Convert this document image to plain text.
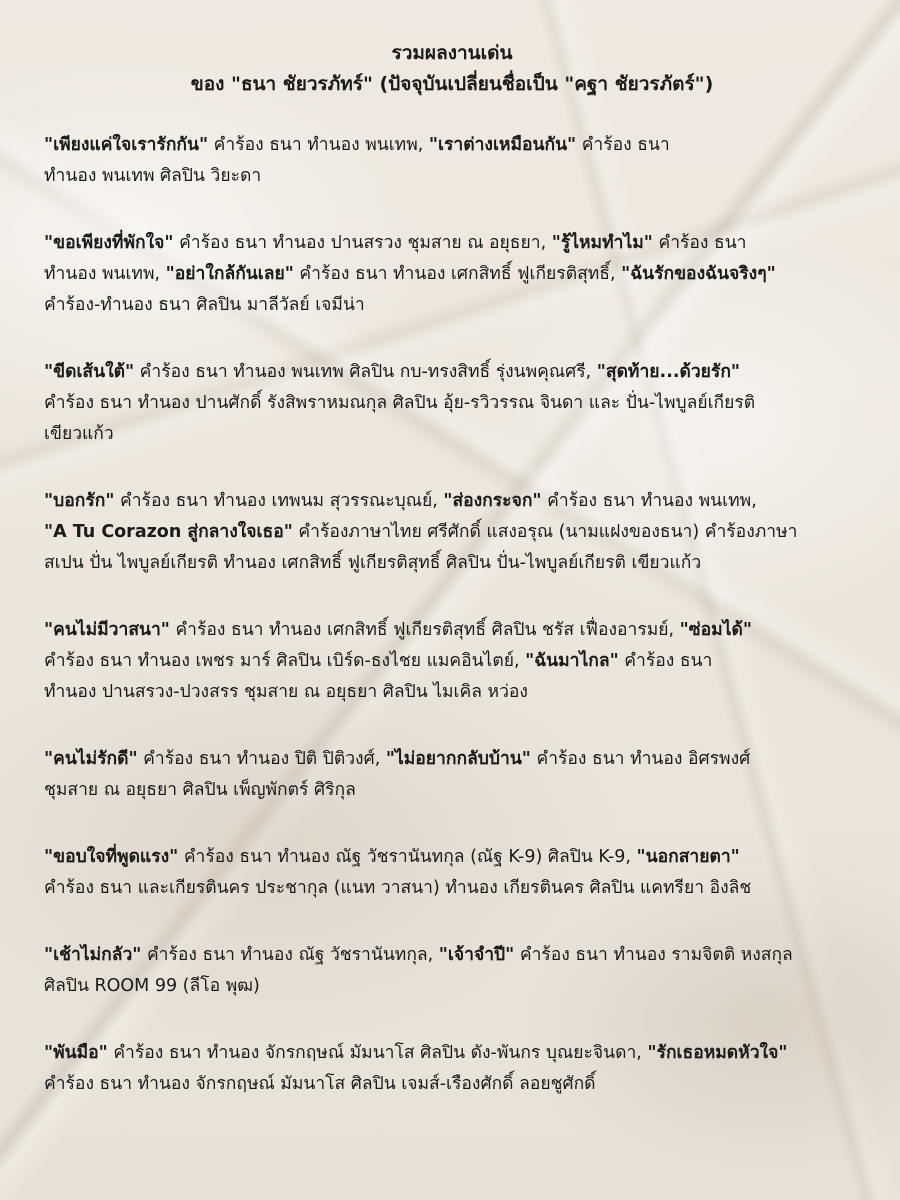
รวมผลงานเด่น
ของ "ธนา ชัยวรภัทร์" (ปัจจุบันเปลี่ยนชื่อเป็น "คฐา ชัยวรภัตร์")
"เพียงแค่ใจเรารักกัน" คำร้อง ธนา ทำนอง พนเทพ, "เราต่างเหมือนกัน" คำร้อง ธนา
ทำนอง พนเทพ ศิลปิน วิยะดา
"ขอเพียงที่พักใจ" คำร้อง ธนา ทำนอง ปานสรวง ชุมสาย ณ อยุธยา, "รู้ไหมทำไม" คำร้อง ธนา
ทำนอง พนเทพ, "อย่าใกล้กันเลย" คำร้อง ธนา ทำนอง เศกสิทธิ์ ฟูเกียรติสุทธิ์, "ฉันรักของฉันจริงๆ"
คำร้อง-ทำนอง ธนา ศิลปิน มาลีวัลย์ เจมีน่า
"ขีดเส้นใต้" คำร้อง ธนา ทำนอง พนเทพ ศิลปิน กบ-ทรงสิทธิ์ รุ่งนพคุณศรี, "สุดท้าย...ด้วยรัก"
คำร้อง ธนา ทำนอง ปานศักดิ์ รังสิพราหมณกุล ศิลปิน อุ้ย-รวิวรรณ จินดา และ ปั่น-ไพบูลย์เกียรติ
เขียวแก้ว
"บอกรัก" คำร้อง ธนา ทำนอง เทพนม สุวรรณะบุณย์, "ส่องกระจก" คำร้อง ธนา ทำนอง พนเทพ,
"A Tu Corazon สู่กลางใจเธอ" คำร้องภาษาไทย ศรีศักดิ์ แสงอรุณ (นามแฝงของธนา) คำร้องภาษา
สเปน ปั่น ไพบูลย์เกียรติ ทำนอง เศกสิทธิ์ ฟูเกียรติสุทธิ์ ศิลปิน ปั่น-ไพบูลย์เกียรติ เขียวแก้ว
"คนไม่มีวาสนา" คำร้อง ธนา ทำนอง เศกสิทธิ์ ฟูเกียรติสุทธิ์ ศิลปิน ชรัส เฟื่องอารมย์, "ซ่อมได้"
คำร้อง ธนา ทำนอง เพชร มาร์ ศิลปิน เบิร์ด-ธงไชย แมคอินไตย์, "ฉันมาไกล" คำร้อง ธนา
ทำนอง ปานสรวง-ปวงสรร ชุมสาย ณ อยุธยา ศิลปิน ไมเคิล หว่อง
"คนไม่รักดี" คำร้อง ธนา ทำนอง ปิติ ปิติวงศ์, "ไม่อยากกลับบ้าน" คำร้อง ธนา ทำนอง อิศรพงศ์
ชุมสาย ณ อยุธยา ศิลปิน เพ็ญพักตร์ ศิริกุล
"ขอบใจที่พูดแรง" คำร้อง ธนา ทำนอง ณัฐ วัชรานันทกุล (ณัฐ K-9) ศิลปิน K-9, "นอกสายตา"
คำร้อง ธนา และเกียรตินคร ประชากุล (แนท วาสนา) ทำนอง เกียรตินคร ศิลปิน แคทรียา อิงลิช
"เช้าไม่กลัว" คำร้อง ธนา ทำนอง ณัฐ วัชรานันทกุล, "เจ้าจำปี" คำร้อง ธนา ทำนอง รามจิตติ หงสกุล
ศิลปิน ROOM 99 (ลีโอ พุฒ)
"พันมือ" คำร้อง ธนา ทำนอง จักรกฤษณ์ มัมนาโส ศิลปิน ดัง-พันกร บุณยะจินดา, "รักเธอหมดหัวใจ"
คำร้อง ธนา ทำนอง จักรกฤษณ์ มัมนาโส ศิลปิน เจมส์-เรืองศักดิ์ ลอยชูศักดิ์
